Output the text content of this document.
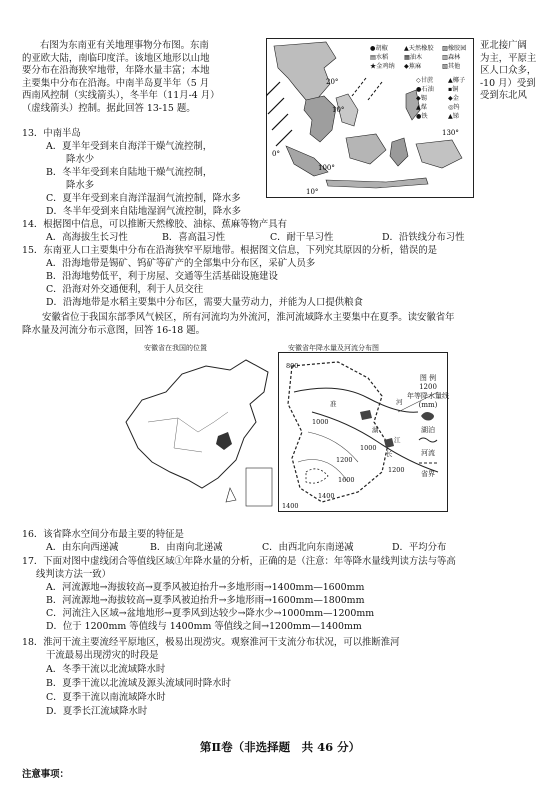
右图为东南亚有关地理事物分布图。东南
的亚欧大陆，南临印度洋。该地区地形以山地
要分布在沿海狭窄地带，年降水量丰富；本地
主要集中分布在沿海。中南半岛夏半年（5 月
西南风控制（实线箭头），冬半年（11月-4 月）
（虚线箭头）控制。据此回答 13-15 题。
亚北接广阔
为主，平原主
区人口众多，
-10 月）受到
受到东北风
20°
10°
0°
100°
130°
10°
●胡椒	▲天然橡胶 ▨橡胶园
▤水稻	▦油木	▥森林
★金鸡纳 ◆蕉麻	▧其他
◇甘蔗 ▲椰子
●石油 ▪铜
◆锡	◆金
▲煤	◎钨
●铁	▲锑
13．中南半岛
A．夏半年受到来自海洋干燥气流控制，
降水少
B．冬半年受到来自陆地干燥气流控制，
降水多
C．夏半年受到来自海洋湿润气流控制，降水多
D．冬半年受到来自陆地湿润气流控制，降水多
14．根据图中信息，可以推断天然橡胶、油棕、蕉麻等物产具有
A．高海拔生长习性	B．喜高温习性	C．耐干旱习性	D．沿铁线分布习性
15．东南亚人口主要集中分布在沿海狭窄平原地带。根据图文信息，下列究其原因的分析，错误的是
A．沿海地带是锡矿、钨矿等矿产的全部集中分布区，采矿人员多
B．沿海地势低平，利于房屋、交通等生活基础设施建设
C．沿海对外交通便利，利于人员交往
D．沿海地带是水稻主要集中分布区，需要大量劳动力，并能为人口提供粮食
安徽省位于我国东部季风气候区，所有河流均为外流河，淮河流域降水主要集中在夏季。读安徽省年
降水量及河流分布示意图，回答 16-18 题。
安徽省在我国的位置	安徽省年降水量及河流分布图
800
1000
1000
1200
1400
1600
1200
1400
河
江
长
湖
准
图 例
1200
年等降水量线
(mm)
湖泊
河流
省界
16．该省降水空间分布最主要的特征是
A．由东向西递减	B．由南向北递减	C．由西北向东南递减	D．平均分布
17．下面对图中虚线闭合等值线区域①年降水量的分析，正确的是（注意：年等降水量线判读方法与等高
线判读方法一致）
A．河流源地→海拔较高→夏季风被迫抬升→多地形雨→1400mm—1600mm
B．河流源地→海拔较高→夏季风被迫抬升→多地形雨→1600mm—1800mm
C．河流注入区域→盆地地形→夏季风到达较少→降水少→1000mm—1200mm
D．位于 1200mm 等值线与 1400mm 等值线之间→1200mm—1400mm
18．淮河干流主要流经平原地区，极易出现涝灾。观察淮河干支流分布状况，可以推断淮河
干流最易出现涝灾的时段是
A．冬季干流以北流域降水时
B．夏季干流以北流域及源头流域同时降水时
C．夏季干流以南流域降水时
D．夏季长江流域降水时
第Ⅱ卷（非选择题　共 46 分）
注意事项：
